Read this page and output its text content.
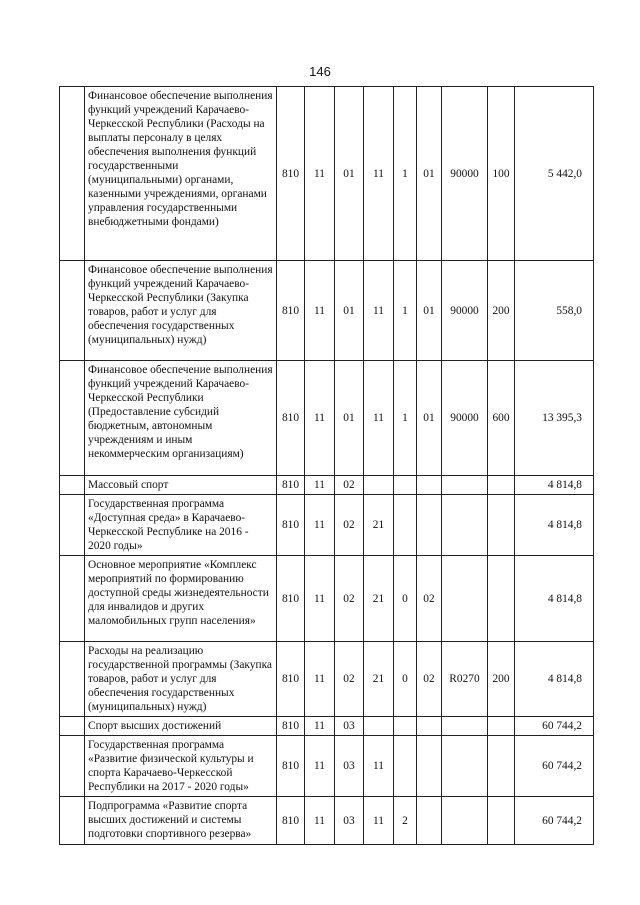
146
	Финансовое обеспечение выполнения функций учреждений Карачаево-Черкесской Республики (Расходы на выплаты персоналу в целях обеспечения выполнения функций государственными (муниципальными) органами, казенными учреждениями, органами управления государственными внебюджетными фондами)	810	11	01	11	1	01	90000	100	5 442,0
	Финансовое обеспечение выполнения функций учреждений Карачаево-Черкесской Республики (Закупка товаров, работ и услуг для обеспечения государственных (муниципальных) нужд)	810	11	01	11	1	01	90000	200	558,0
	Финансовое обеспечение выполнения функций учреждений Карачаево-Черкесской Республики (Предоставление субсидий бюджетным, автономным учреждениям и иным некоммерческим организациям)	810	11	01	11	1	01	90000	600	13 395,3
	Массовый спорт	810	11	02						4 814,8
	Государственная программа «Доступная среда» в Карачаево-Черкесской Республике на 2016 - 2020 годы»	810	11	02	21					4 814,8
	Основное мероприятие «Комплекс мероприятий по формированию доступной среды жизнедеятельности для инвалидов и других маломобильных групп населения»	810	11	02	21	0	02			4 814,8
	Расходы на реализацию государственной программы (Закупка товаров, работ и услуг для обеспечения государственных (муниципальных) нужд)	810	11	02	21	0	02	R0270	200	4 814,8
	Спорт высших достижений	810	11	03						60 744,2
	Государственная программа «Развитие физической культуры и спорта Карачаево-Черкесской Республики на 2017 - 2020 годы»	810	11	03	11					60 744,2
	Подпрограмма «Развитие спорта высших достижений и системы подготовки спортивного резерва»	810	11	03	11	2				60 744,2
